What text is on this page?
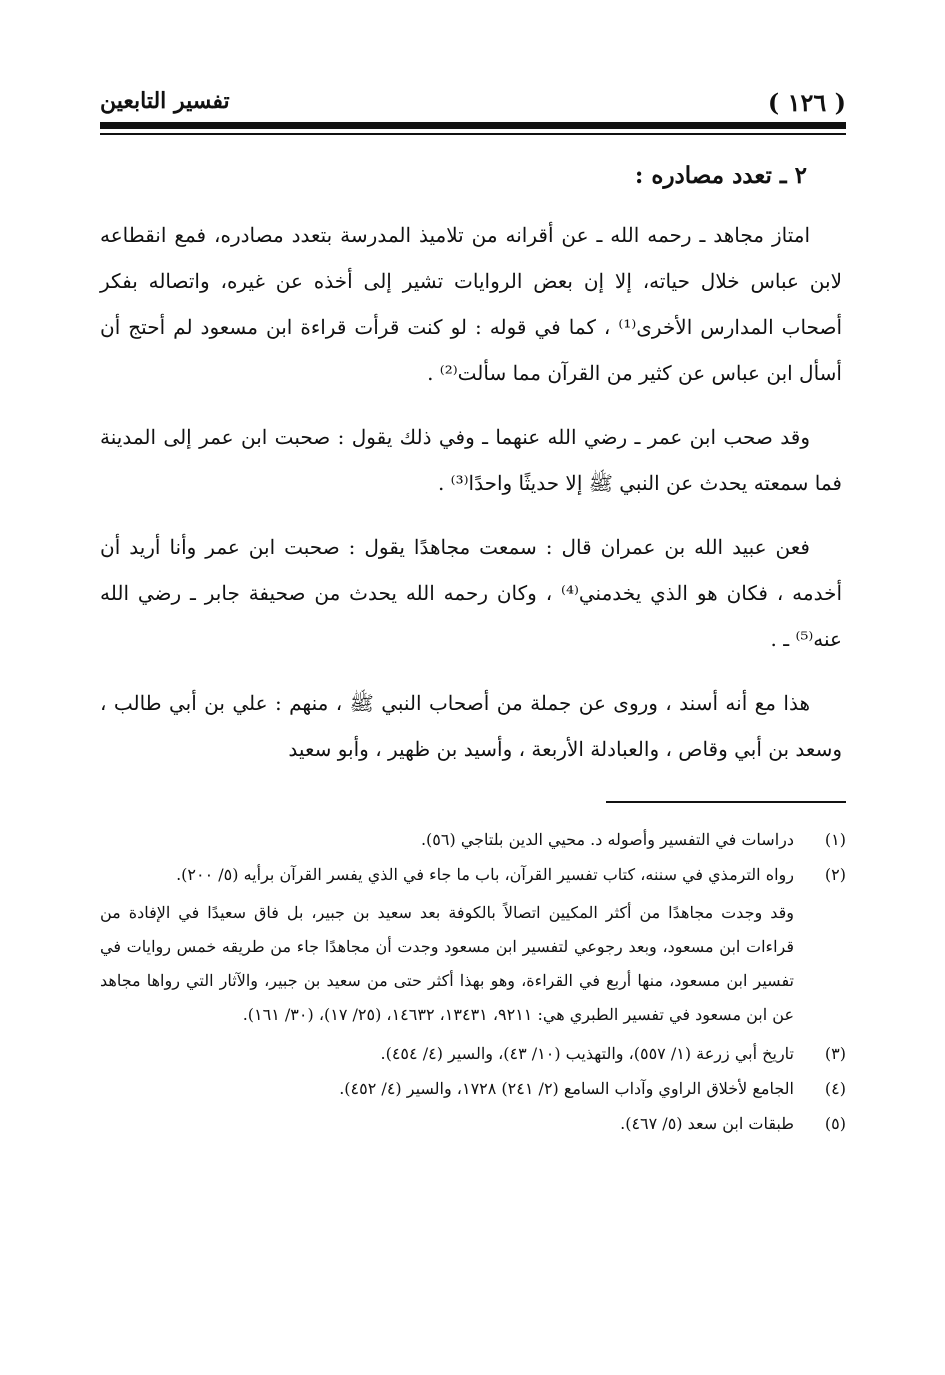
( ١٢٦ )
تفسير التابعين
٢ ـ تعدد مصادره :

امتاز مجاهد ـ رحمه الله ـ عن أقرانه من تلاميذ المدرسة بتعدد مصادره، فمع انقطاعه لابن عباس خلال حياته، إلا إن بعض الروايات تشير إلى أخذه عن غيره، واتصاله بفكر أصحاب المدارس الأخرى⁽¹⁾ ، كما في قوله : لو كنت قرأت قراءة ابن مسعود لم أحتج أن أسأل ابن عباس عن كثير من القرآن مما سألت⁽²⁾ .

وقد صحب ابن عمر ـ رضي الله عنهما ـ وفي ذلك يقول : صحبت ابن عمر إلى المدينة فما سمعته يحدث عن النبي ﷺ إلا حديثًا واحدًا⁽³⁾ .

فعن عبيد الله بن عمران قال : سمعت مجاهدًا يقول : صحبت ابن عمر وأنا أريد أن أخدمه ، فكان هو الذي يخدمني⁽⁴⁾ ، وكان رحمه الله يحدث من صحيفة جابر ـ رضي الله عنه⁽⁵⁾ ـ .

هذا مع أنه أسند ، وروى عن جملة من أصحاب النبي ﷺ ، منهم : علي بن أبي طالب ، وسعد بن أبي وقاص ، والعبادلة الأربعة ، وأسيد بن ظهير ، وأبو سعيد

(١)
دراسات في التفسير وأصوله د. محيي الدين بلتاجي (٥٦).

(٢)
رواه الترمذي في سننه، كتاب تفسير القرآن، باب ما جاء في الذي يفسر القرآن برأيه (٥/ ٢٠٠).

وقد وجدت مجاهدًا من أكثر المكيين اتصالاً بالكوفة بعد سعيد بن جبير، بل فاق سعيدًا في الإفادة من قراءات ابن مسعود، وبعد رجوعي لتفسير ابن مسعود وجدت أن مجاهدًا جاء من طريقه خمس روايات في تفسير ابن مسعود، منها أربع في القراءة، وهو بهذا أكثر حتى من سعيد بن جبير، والآثار التي رواها مجاهد عن ابن مسعود في تفسير الطبري هي: ٩٢١١، ١٣٤٣١، ١٤٦٣٢، (٢٥/ ١٧)، (٣٠/ ١٦١).

(٣)
تاريخ أبي زرعة (١/ ٥٥٧)، والتهذيب (١٠/ ٤٣)، والسير (٤/ ٤٥٤).

(٤)
الجامع لأخلاق الراوي وآداب السامع (٢/ ٢٤١) ١٧٢٨، والسير (٤/ ٤٥٢).

(٥)
طبقات ابن سعد (٥/ ٤٦٧).
